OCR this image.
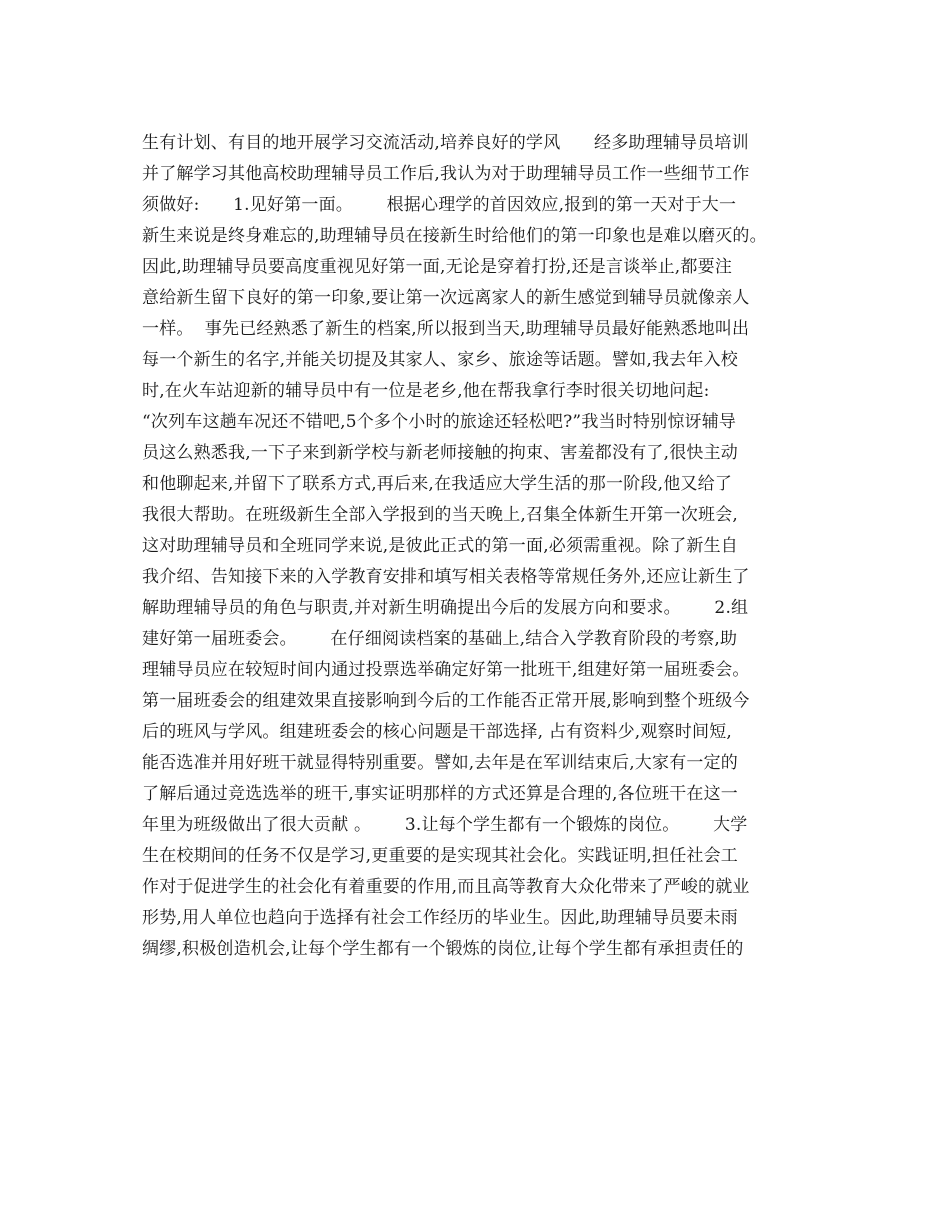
生有计划、有目的地开展学习交流活动,培养良好的学风      经多助理辅导员培训
并了解学习其他高校助理辅导员工作后,我认为对于助理辅导员工作一些细节工作
须做好:      1.见好第一面。      根据心理学的首因效应,报到的第一天对于大一
新生来说是终身难忘的,助理辅导员在接新生时给他们的第一印象也是难以磨灭的。
因此,助理辅导员要高度重视见好第一面,无论是穿着打扮,还是言谈举止,都要注
意给新生留下良好的第一印象,要让第一次远离家人的新生感觉到辅导员就像亲人
一样。  事先已经熟悉了新生的档案,所以报到当天,助理辅导员最好能熟悉地叫出
每一个新生的名字,并能关切提及其家人、家乡、旅途等话题。譬如,我去年入校
时,在火车站迎新的辅导员中有一位是老乡,他在帮我拿行李时很关切地问起:
“次列车这趟车况还不错吧,5个多个小时的旅途还轻松吧?”我当时特别惊讶辅导
员这么熟悉我,一下子来到新学校与新老师接触的拘束、害羞都没有了,很快主动
和他聊起来,并留下了联系方式,再后来,在我适应大学生活的那一阶段,他又给了
我很大帮助。在班级新生全部入学报到的当天晚上,召集全体新生开第一次班会,
这对助理辅导员和全班同学来说,是彼此正式的第一面,必须需重视。除了新生自
我介绍、告知接下来的入学教育安排和填写相关表格等常规任务外,还应让新生了
解助理辅导员的角色与职责,并对新生明确提出今后的发展方向和要求。      2.组
建好第一届班委会。      在仔细阅读档案的基础上,结合入学教育阶段的考察,助
理辅导员应在较短时间内通过投票选举确定好第一批班干,组建好第一届班委会。
第一届班委会的组建效果直接影响到今后的工作能否正常开展,影响到整个班级今
后的班风与学风。组建班委会的核心问题是干部选择, 占有资料少,观察时间短,
能否选准并用好班干就显得特别重要。譬如,去年是在军训结束后,大家有一定的
了解后通过竞选选举的班干,事实证明那样的方式还算是合理的,各位班干在这一
年里为班级做出了很大贡献 。      3.让每个学生都有一个锻炼的岗位。      大学
生在校期间的任务不仅是学习,更重要的是实现其社会化。实践证明,担任社会工
作对于促进学生的社会化有着重要的作用,而且高等教育大众化带来了严峻的就业
形势,用人单位也趋向于选择有社会工作经历的毕业生。因此,助理辅导员要未雨
绸缪,积极创造机会,让每个学生都有一个锻炼的岗位,让每个学生都有承担责任的
